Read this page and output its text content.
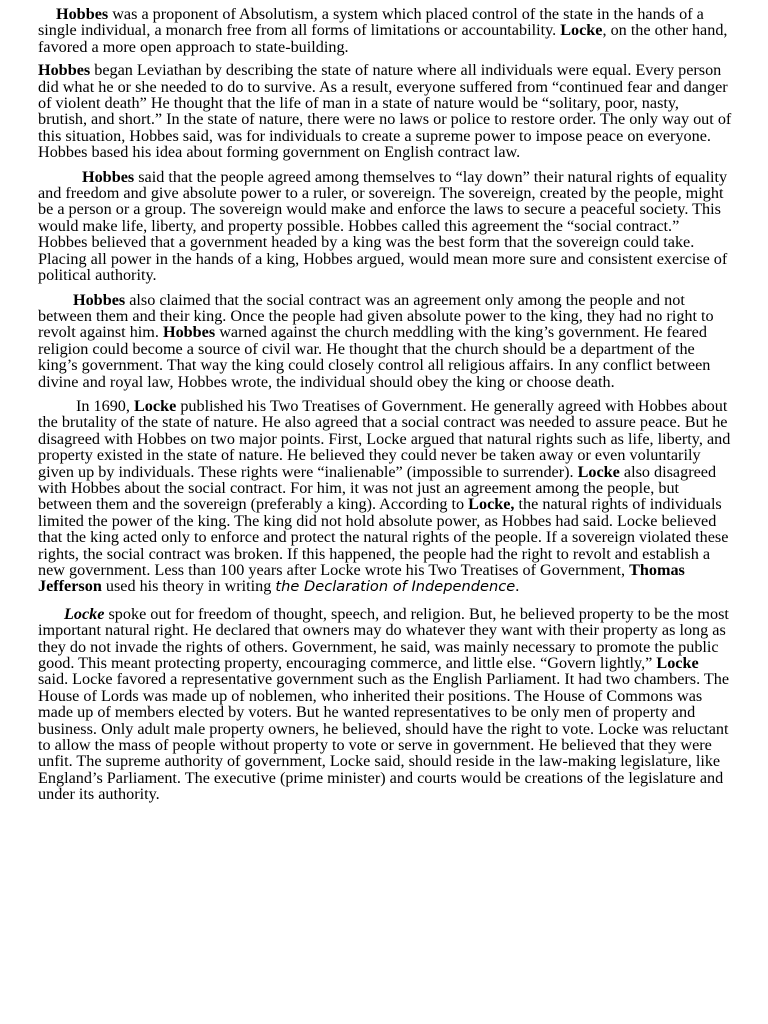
Hobbes was a proponent of Absolutism, a system which placed control of the state in the hands of a single individual, a monarch free from all forms of limitations or accountability. Locke, on the other hand, favored a more open approach to state-building.

Hobbes began Leviathan by describing the state of nature where all individuals were equal. Every person did what he or she needed to do to survive. As a result, everyone suffered from “continued fear and danger of violent death” He thought that the life of man in a state of nature would be “solitary, poor, nasty, brutish, and short.” In the state of nature, there were no laws or police to restore order. The only way out of this situation, Hobbes said, was for individuals to create a supreme power to impose peace on everyone. Hobbes based his idea about forming government on English contract law.

Hobbes said that the people agreed among themselves to “lay down” their natural rights of equality and freedom and give absolute power to a ruler, or sovereign. The sovereign, created by the people, might be a person or a group. The sovereign would make and enforce the laws to secure a peaceful society. This would make life, liberty, and property possible. Hobbes called this agreement the “social contract.” Hobbes believed that a government headed by a king was the best form that the sovereign could take. Placing all power in the hands of a king, Hobbes argued, would mean more sure and consistent exercise of political authority.

Hobbes also claimed that the social contract was an agreement only among the people and not between them and their king. Once the people had given absolute power to the king, they had no right to revolt against him. Hobbes warned against the church meddling with the king’s government. He feared religion could become a source of civil war. He thought that the church should be a department of the king’s government. That way the king could closely control all religious affairs. In any conflict between divine and royal law, Hobbes wrote, the individual should obey the king or choose death.

In 1690, Locke published his Two Treatises of Government. He generally agreed with Hobbes about the brutality of the state of nature. He also agreed that a social contract was needed to assure peace. But he disagreed with Hobbes on two major points. First, Locke argued that natural rights such as life, liberty, and property existed in the state of nature. He believed they could never be taken away or even voluntarily given up by individuals. These rights were “inalienable” (impossible to surrender). Locke also disagreed with Hobbes about the social contract. For him, it was not just an agreement among the people, but between them and the sovereign (preferably a king). According to Locke, the natural rights of individuals limited the power of the king. The king did not hold absolute power, as Hobbes had said. Locke believed that the king acted only to enforce and protect the natural rights of the people. If a sovereign violated these rights, the social contract was broken. If this happened, the people had the right to revolt and establish a new government. Less than 100 years after Locke wrote his Two Treatises of Government, Thomas Jefferson used his theory in writing the Declaration of Independence.

Locke spoke out for freedom of thought, speech, and religion. But, he believed property to be the most important natural right. He declared that owners may do whatever they want with their property as long as they do not invade the rights of others. Government, he said, was mainly necessary to promote the public good. This meant protecting property, encouraging commerce, and little else. “Govern lightly,” Locke said. Locke favored a representative government such as the English Parliament. It had two chambers. The House of Lords was made up of noblemen, who inherited their positions. The House of Commons was made up of members elected by voters. But he wanted representatives to be only men of property and business. Only adult male property owners, he believed, should have the right to vote. Locke was reluctant to allow the mass of people without property to vote or serve in government. He believed that they were unfit. The supreme authority of government, Locke said, should reside in the law-making legislature, like England’s Parliament. The executive (prime minister) and courts would be creations of the legislature and under its authority.
